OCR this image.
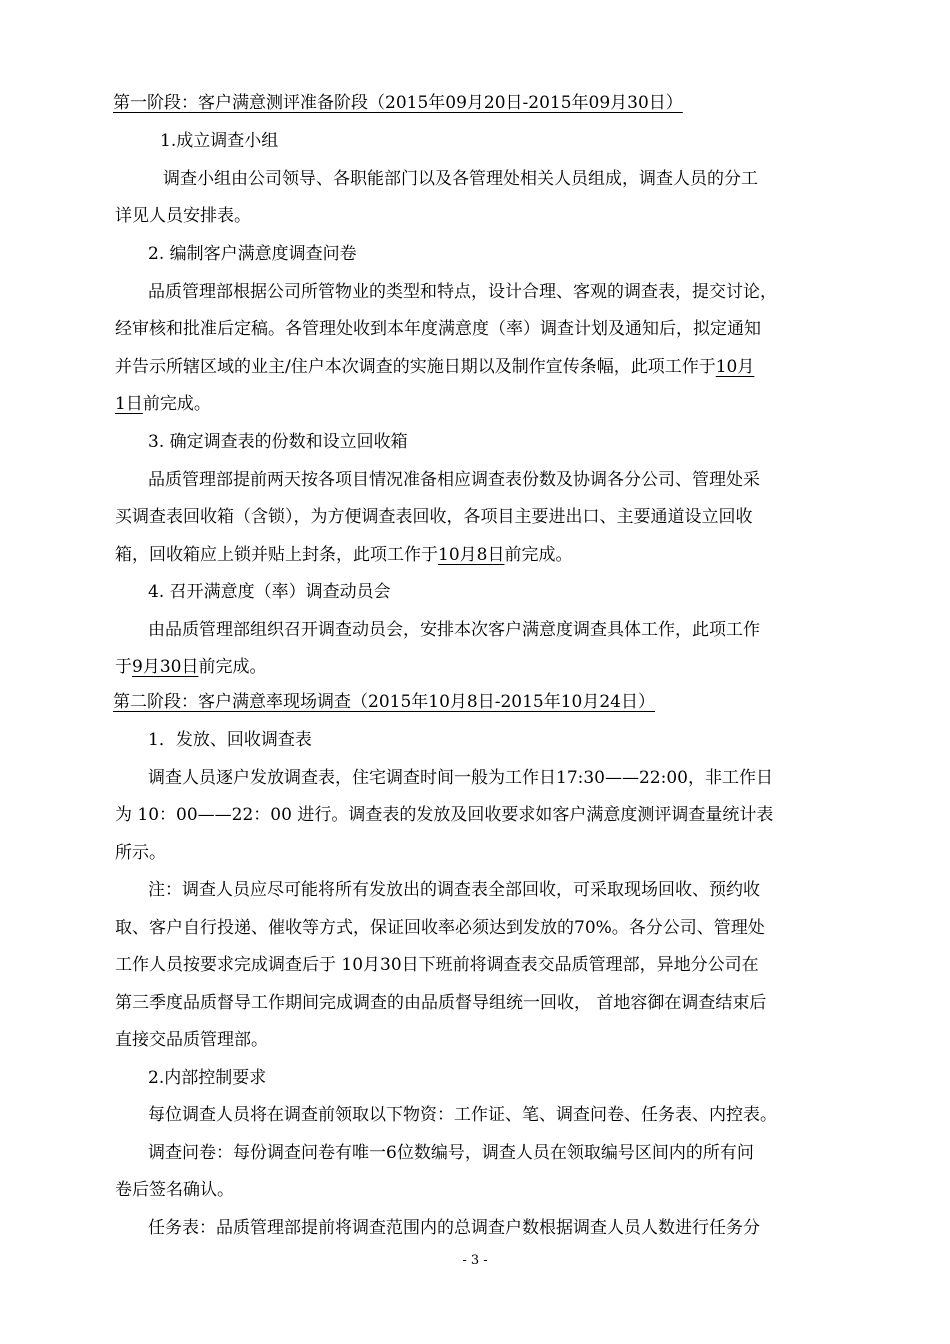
第一阶段：客户满意测评准备阶段（2015年09月20日-2015年09月30日）
1.成立调查小组
调查小组由公司领导、各职能部门以及各管理处相关人员组成，调查人员的分工
详见人员安排表。
2. 编制客户满意度调查问卷
品质管理部根据公司所管物业的类型和特点，设计合理、客观的调查表，提交讨论，
经审核和批准后定稿。各管理处收到本年度满意度（率）调查计划及通知后，拟定通知
并告示所辖区域的业主/住户本次调查的实施日期以及制作宣传条幅，此项工作于10月
1日前完成。
3. 确定调查表的份数和设立回收箱
品质管理部提前两天按各项目情况准备相应调查表份数及协调各分公司、管理处采
买调查表回收箱（含锁），为方便调查表回收，各项目主要进出口、主要通道设立回收
箱，回收箱应上锁并贴上封条，此项工作于10月8日前完成。
4. 召开满意度（率）调查动员会
由品质管理部组织召开调查动员会，安排本次客户满意度调查具体工作，此项工作
于9月30日前完成。
第二阶段：客户满意率现场调查（2015年10月8日-2015年10月24日）
1．发放、回收调查表
调查人员逐户发放调查表，住宅调查时间一般为工作日17:30——22:00，非工作日
为 10：00——22：00 进行。调查表的发放及回收要求如客户满意度测评调查量统计表
所示。
注：调查人员应尽可能将所有发放出的调查表全部回收，可采取现场回收、预约收
取、客户自行投递、催收等方式，保证回收率必须达到发放的70%。各分公司、管理处
工作人员按要求完成调查后于 10月30日下班前将调查表交品质管理部，异地分公司在
第三季度品质督导工作期间完成调查的由品质督导组统一回收， 首地容御在调查结束后
直接交品质管理部。
2.内部控制要求
每位调查人员将在调查前领取以下物资：工作证、笔、调查问卷、任务表、内控表。
调查问卷：每份调查问卷有唯一6位数编号，调查人员在领取编号区间内的所有问
卷后签名确认。
任务表：品质管理部提前将调查范围内的总调查户数根据调查人员人数进行任务分
- 3 -
